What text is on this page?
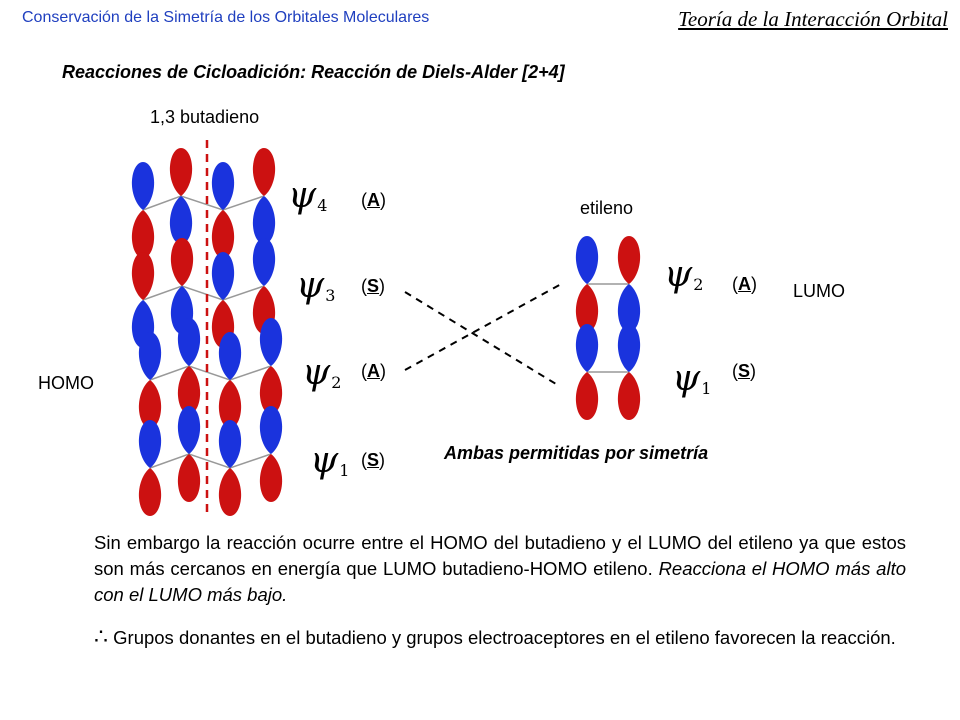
Conservación de la Simetría de los Orbitales Moleculares	Teoría de la Interacción Orbital
Reacciones de Cicloadición: Reacción de Diels-Alder [2+4]
1,3 butadieno
HOMO
etileno
LUMO
$\psi_4$
$\psi_3$
$\psi_2$
$\psi_1$
(A)
(S)
(A)
(S)
$\psi_2$
$\psi_1$
(A)
(S)
Ambas permitidas por simetría
Sin embargo la reacción ocurre entre el HOMO del butadieno y el LUMO del etileno ya que estos son más cercanos en energía que LUMO butadieno-HOMO etileno. Reacciona el HOMO más alto con el LUMO más bajo.
∴ Grupos donantes en el butadieno y grupos electroaceptores en el etileno favorecen la reacción.
